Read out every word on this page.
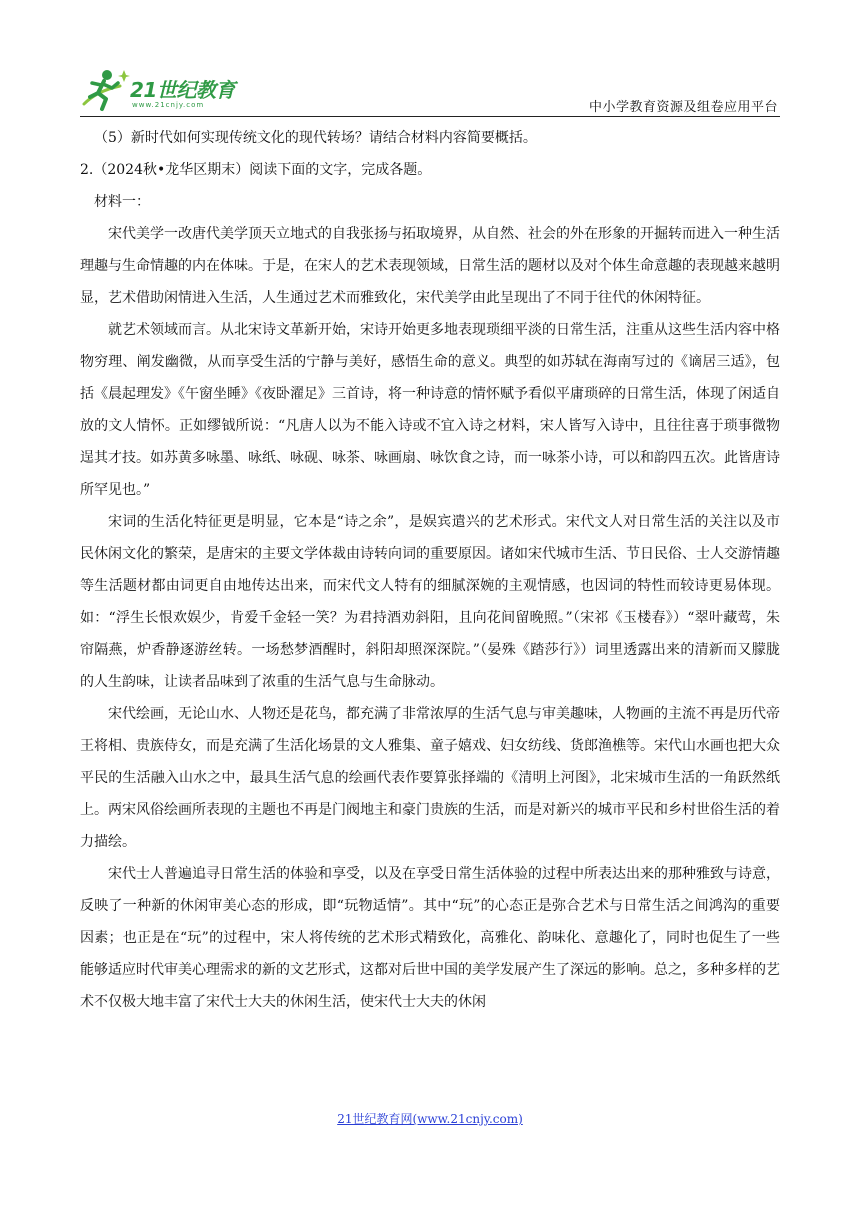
21世纪教育
www.21cnjy.com	中小学教育资源及组卷应用平台

（5）新时代如何实现传统文化的现代转场？请结合材料内容简要概括。

2.（2024秋•龙华区期末）阅读下面的文字，完成各题。

材料一：

宋代美学一改唐代美学顶天立地式的自我张扬与拓取境界，从自然、社会的外在形象的开掘转而进入一种生活理趣与生命情趣的内在体味。于是，在宋人的艺术表现领域，日常生活的题材以及对个体生命意趣的表现越来越明显，艺术借助闲情进入生活，人生通过艺术而雅致化，宋代美学由此呈现出了不同于往代的休闲特征。

就艺术领域而言。从北宋诗文革新开始，宋诗开始更多地表现琐细平淡的日常生活，注重从这些生活内容中格物穷理、阐发幽微，从而享受生活的宁静与美好，感悟生命的意义。典型的如苏轼在海南写过的《谪居三适》，包括《晨起理发》《午窗坐睡》《夜卧濯足》三首诗，将一种诗意的情怀赋予看似平庸琐碎的日常生活，体现了闲适自放的文人情怀。正如缪钺所说：“凡唐人以为不能入诗或不宜入诗之材料，宋人皆写入诗中，且往往喜于琐事微物逞其才技。如苏黄多咏墨、咏纸、咏砚、咏茶、咏画扇、咏饮食之诗，而一咏茶小诗，可以和韵四五次。此皆唐诗所罕见也。”

宋词的生活化特征更是明显，它本是“诗之余”，是娱宾遣兴的艺术形式。宋代文人对日常生活的关注以及市民休闲文化的繁荣，是唐宋的主要文学体裁由诗转向词的重要原因。诸如宋代城市生活、节日民俗、士人交游情趣等生活题材都由词更自由地传达出来，而宋代文人特有的细腻深婉的主观情感，也因词的特性而较诗更易体现。如：“浮生长恨欢娱少，肯爱千金轻一笑？为君持酒劝斜阳，且向花间留晚照。”（宋祁《玉楼春》）“翠叶藏莺，朱帘隔燕，炉香静逐游丝转。一场愁梦酒醒时，斜阳却照深深院。”（晏殊《踏莎行》）词里透露出来的清新而又朦胧的人生韵味，让读者品味到了浓重的生活气息与生命脉动。

宋代绘画，无论山水、人物还是花鸟，都充满了非常浓厚的生活气息与审美趣味，人物画的主流不再是历代帝王将相、贵族侍女，而是充满了生活化场景的文人雅集、童子嬉戏、妇女纺线、货郎渔樵等。宋代山水画也把大众平民的生活融入山水之中，最具生活气息的绘画代表作要算张择端的《清明上河图》，北宋城市生活的一角跃然纸上。两宋风俗绘画所表现的主题也不再是门阀地主和豪门贵族的生活，而是对新兴的城市平民和乡村世俗生活的着力描绘。

宋代士人普遍追寻日常生活的体验和享受，以及在享受日常生活体验的过程中所表达出来的那种雅致与诗意，反映了一种新的休闲审美心态的形成，即“玩物适情”。其中“玩”的心态正是弥合艺术与日常生活之间鸿沟的重要因素；也正是在“玩”的过程中，宋人将传统的艺术形式精致化，高雅化、韵味化、意趣化了，同时也促生了一些能够适应时代审美心理需求的新的文艺形式，这都对后世中国的美学发展产生了深远的影响。总之，多种多样的艺术不仅极大地丰富了宋代士大夫的休闲生活，使宋代士大夫的休闲

21世纪教育网(www.21cnjy.com)
